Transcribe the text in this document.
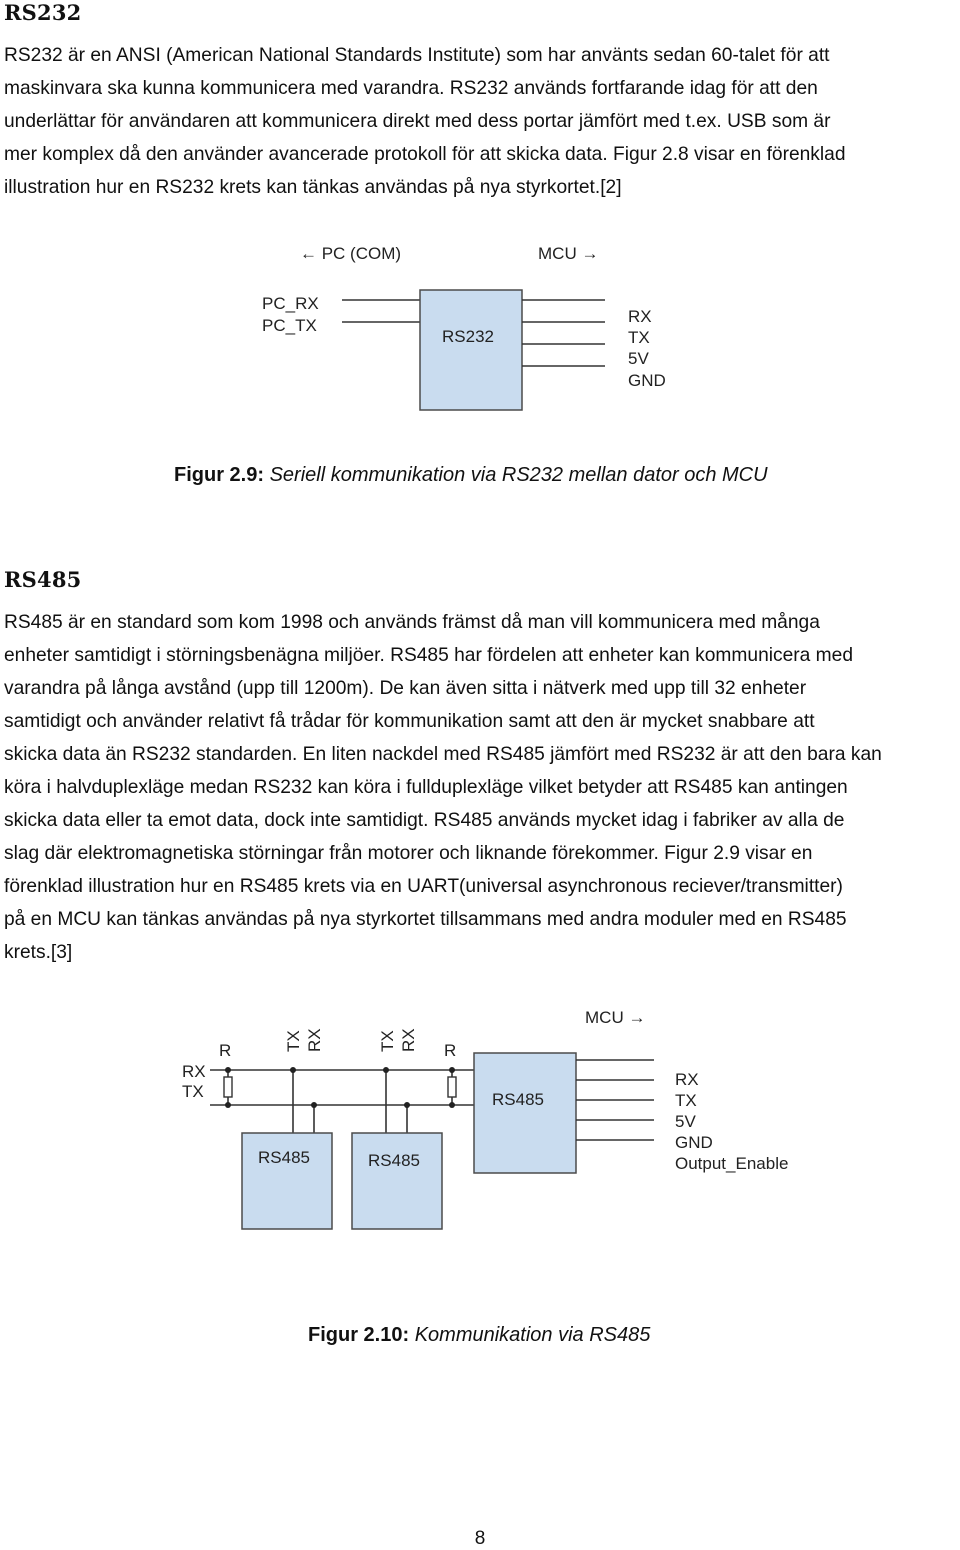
RS232

RS232 är en ANSI (American National Standards Institute) som har använts sedan 60-talet för att
maskinvara ska kunna kommunicera med varandra. RS232 används fortfarande idag för att den
underlättar för användaren att kommunicera direkt med dess portar jämfört med t.ex. USB som är
mer komplex då den använder avancerade protokoll för att skicka data. Figur 2.8 visar en förenklad
illustration hur en RS232 krets kan tänkas användas på nya styrkortet.[2]

← PC (COM)	MCU →
PC_RX
PC_TX
RS232
RX
TX
5V
GND

Figur 2.9: Seriell kommunikation via RS232 mellan dator och MCU

RS485

RS485 är en standard som kom 1998 och används främst då man vill kommunicera med många
enheter samtidigt i störningsbenägna miljöer. RS485 har fördelen att enheter kan kommunicera med
varandra på långa avstånd (upp till 1200m). De kan även sitta i nätverk med upp till 32 enheter
samtidigt och använder relativt få trådar för kommunikation samt att den är mycket snabbare att
skicka data än RS232 standarden. En liten nackdel med RS485 jämfört med RS232 är att den bara kan
köra i halvduplexläge medan RS232 kan köra i fullduplexläge vilket betyder att RS485 kan antingen
skicka data eller ta emot data, dock inte samtidigt. RS485 används mycket idag i fabriker av alla de
slag där elektromagnetiska störningar från motorer och liknande förekommer. Figur 2.9 visar en
förenklad illustration hur en RS485 krets via en UART(universal asynchronous reciever/transmitter)
på en MCU kan tänkas användas på nya styrkortet tillsammans med andra moduler med en RS485
krets.[3]

MCU →
RX
TX
R	R
TX RX	TX RX
RS485
RS485	RS485
RX
TX
5V
GND
Output_Enable

Figur 2.10: Kommunikation via RS485

8
